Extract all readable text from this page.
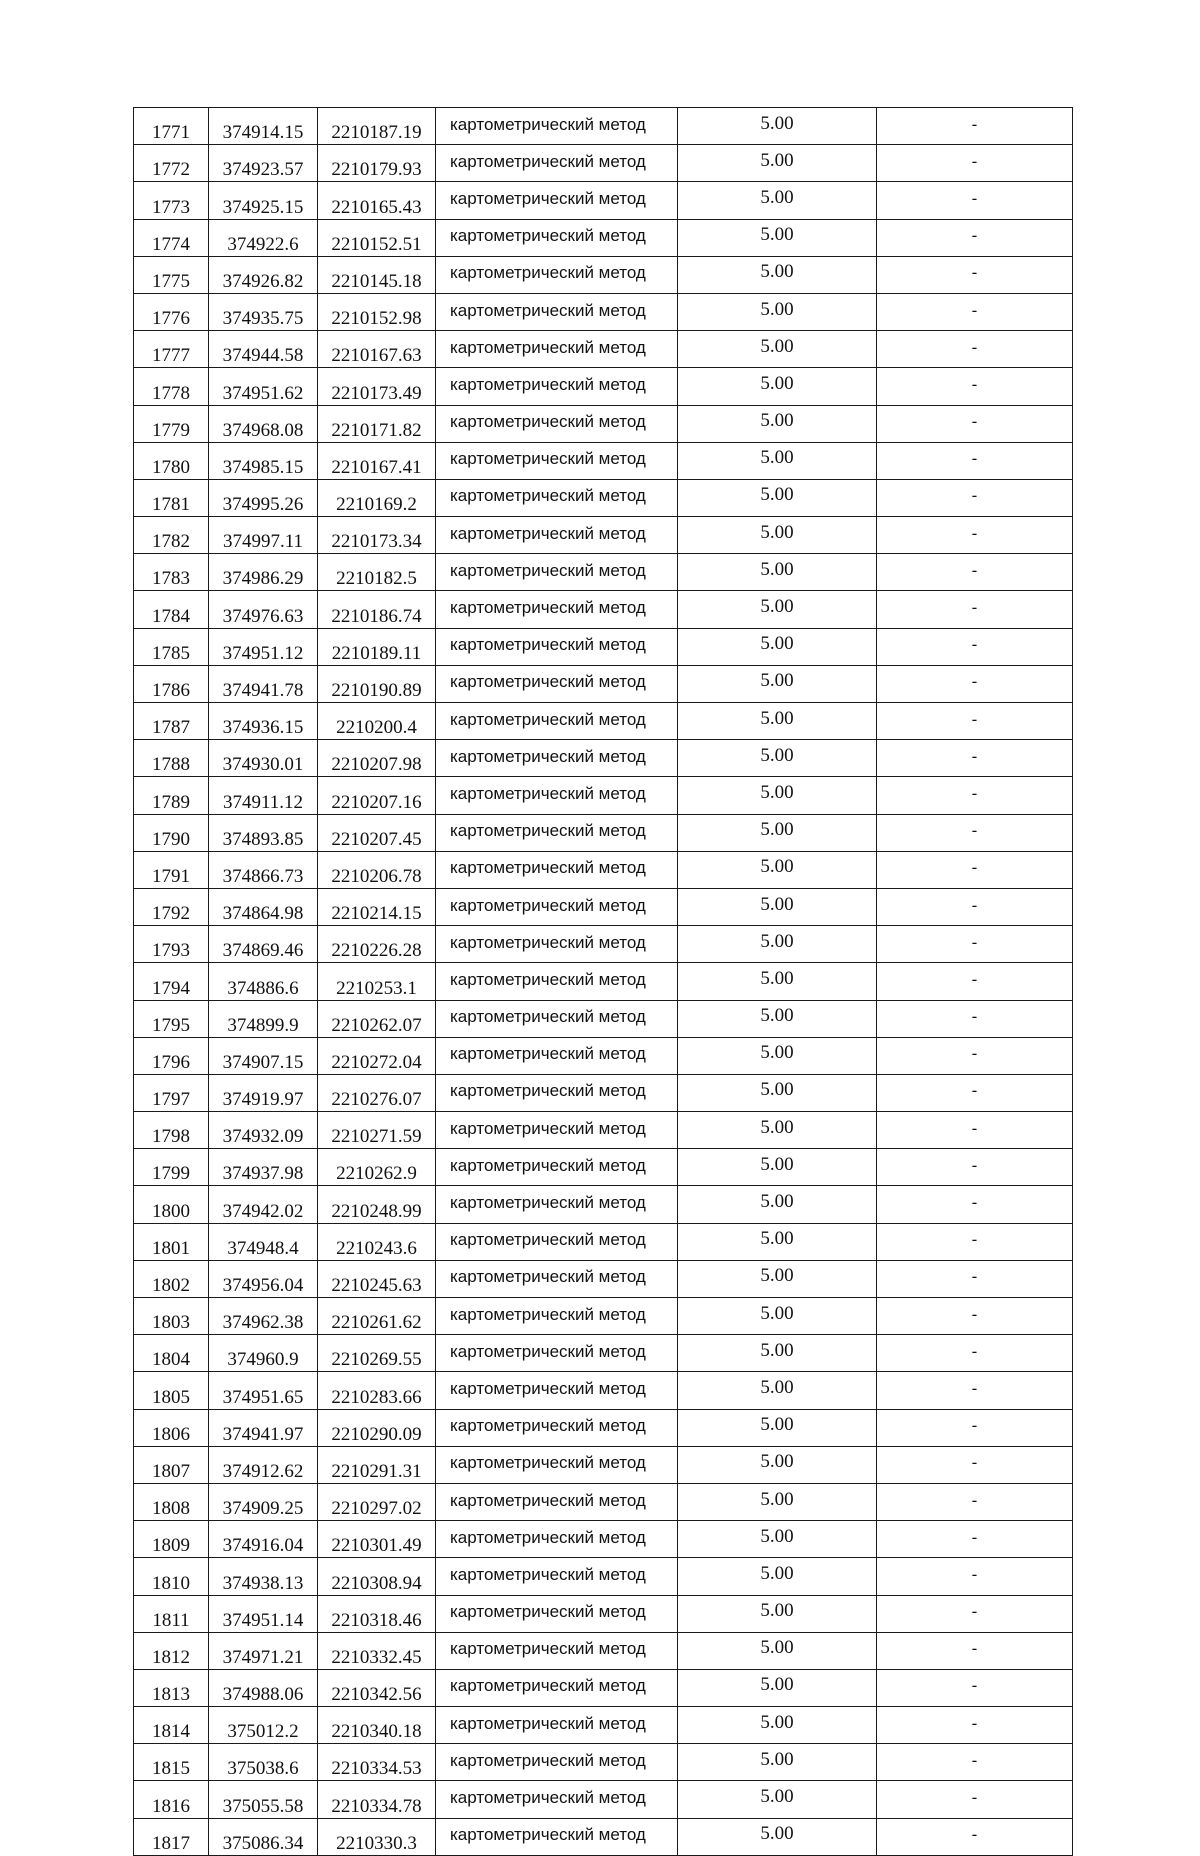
1771	374914.15	2210187.19	картометрический метод	5.00	-
1772	374923.57	2210179.93	картометрический метод	5.00	-
1773	374925.15	2210165.43	картометрический метод	5.00	-
1774	374922.6	2210152.51	картометрический метод	5.00	-
1775	374926.82	2210145.18	картометрический метод	5.00	-
1776	374935.75	2210152.98	картометрический метод	5.00	-
1777	374944.58	2210167.63	картометрический метод	5.00	-
1778	374951.62	2210173.49	картометрический метод	5.00	-
1779	374968.08	2210171.82	картометрический метод	5.00	-
1780	374985.15	2210167.41	картометрический метод	5.00	-
1781	374995.26	2210169.2	картометрический метод	5.00	-
1782	374997.11	2210173.34	картометрический метод	5.00	-
1783	374986.29	2210182.5	картометрический метод	5.00	-
1784	374976.63	2210186.74	картометрический метод	5.00	-
1785	374951.12	2210189.11	картометрический метод	5.00	-
1786	374941.78	2210190.89	картометрический метод	5.00	-
1787	374936.15	2210200.4	картометрический метод	5.00	-
1788	374930.01	2210207.98	картометрический метод	5.00	-
1789	374911.12	2210207.16	картометрический метод	5.00	-
1790	374893.85	2210207.45	картометрический метод	5.00	-
1791	374866.73	2210206.78	картометрический метод	5.00	-
1792	374864.98	2210214.15	картометрический метод	5.00	-
1793	374869.46	2210226.28	картометрический метод	5.00	-
1794	374886.6	2210253.1	картометрический метод	5.00	-
1795	374899.9	2210262.07	картометрический метод	5.00	-
1796	374907.15	2210272.04	картометрический метод	5.00	-
1797	374919.97	2210276.07	картометрический метод	5.00	-
1798	374932.09	2210271.59	картометрический метод	5.00	-
1799	374937.98	2210262.9	картометрический метод	5.00	-
1800	374942.02	2210248.99	картометрический метод	5.00	-
1801	374948.4	2210243.6	картометрический метод	5.00	-
1802	374956.04	2210245.63	картометрический метод	5.00	-
1803	374962.38	2210261.62	картометрический метод	5.00	-
1804	374960.9	2210269.55	картометрический метод	5.00	-
1805	374951.65	2210283.66	картометрический метод	5.00	-
1806	374941.97	2210290.09	картометрический метод	5.00	-
1807	374912.62	2210291.31	картометрический метод	5.00	-
1808	374909.25	2210297.02	картометрический метод	5.00	-
1809	374916.04	2210301.49	картометрический метод	5.00	-
1810	374938.13	2210308.94	картометрический метод	5.00	-
1811	374951.14	2210318.46	картометрический метод	5.00	-
1812	374971.21	2210332.45	картометрический метод	5.00	-
1813	374988.06	2210342.56	картометрический метод	5.00	-
1814	375012.2	2210340.18	картометрический метод	5.00	-
1815	375038.6	2210334.53	картометрический метод	5.00	-
1816	375055.58	2210334.78	картометрический метод	5.00	-
1817	375086.34	2210330.3	картометрический метод	5.00	-
